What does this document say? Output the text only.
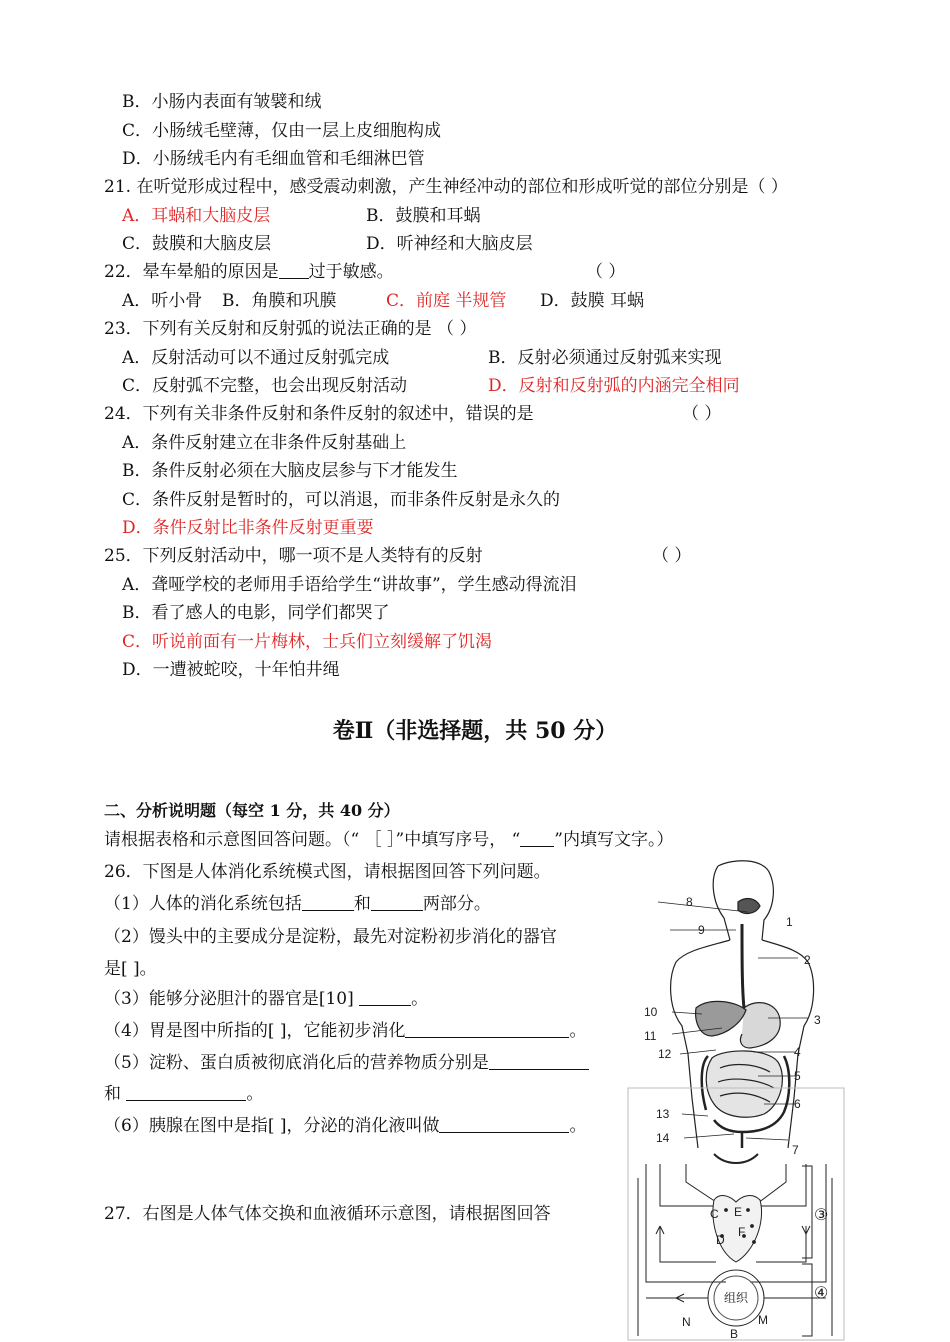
B．小肠内表面有皱襞和绒
C．小肠绒毛壁薄，仅由一层上皮细胞构成
D．小肠绒毛内有毛细血管和毛细淋巴管
21. 在听觉形成过程中，感受震动刺激，产生神经冲动的部位和形成听觉的部位分别是（ ）
A．耳蜗和大脑皮层	B．鼓膜和耳蜗
C．鼓膜和大脑皮层	D．听神经和大脑皮层
22．晕车晕船的原因是 过于敏感。	（ ）
A．听小骨 B．角膜和巩膜	C．前庭 半规管 D．鼓膜 耳蜗
23．下列有关反射和反射弧的说法正确的是 （ ）
A．反射活动可以不通过反射弧完成	B．反射必须通过反射弧来实现
C．反射弧不完整，也会出现反射活动	D．反射和反射弧的内涵完全相同
24．下列有关非条件反射和条件反射的叙述中，错误的是	（ ）
A．条件反射建立在非条件反射基础上
B．条件反射必须在大脑皮层参与下才能发生
C．条件反射是暂时的，可以消退，而非条件反射是永久的
D．条件反射比非条件反射更重要
25．下列反射活动中，哪一项不是人类特有的反射	（ ）
A．聋哑学校的老师用手语给学生“讲故事”，学生感动得流泪
B．看了感人的电影，同学们都哭了
C．听说前面有一片梅林，士兵们立刻缓解了饥渴
D．一遭被蛇咬，十年怕井绳
卷Ⅱ（非选择题，共 50 分）
二、分析说明题（每空 1 分，共 40 分）
请根据表格和示意图回答问题。（“ ［ ］”中填写序号， “ ”内填写文字。）
26．下图是人体消化系统模式图，请根据图回答下列问题。
（1）人体的消化系统包括	和	两部分。
（2）馒头中的主要成分是淀粉，最先对淀粉初步消化的器官
是[ ]。
（3）能够分泌胆汁的器官是[10]	。
（4）胃是图中所指的[ ]，它能初步消化	。
（5）淀粉、蛋白质被彻底消化后的营养物质分别是
和	。
（6）胰腺在图中是指[ ]，分泌的消化液叫做	。
27．右图是人体气体交换和血液循环示意图，请根据图回答
1
2
3
4
5
6
7
8
9
10
11
12
13
14
C E
D
F
组织
N
B
M
③
④
